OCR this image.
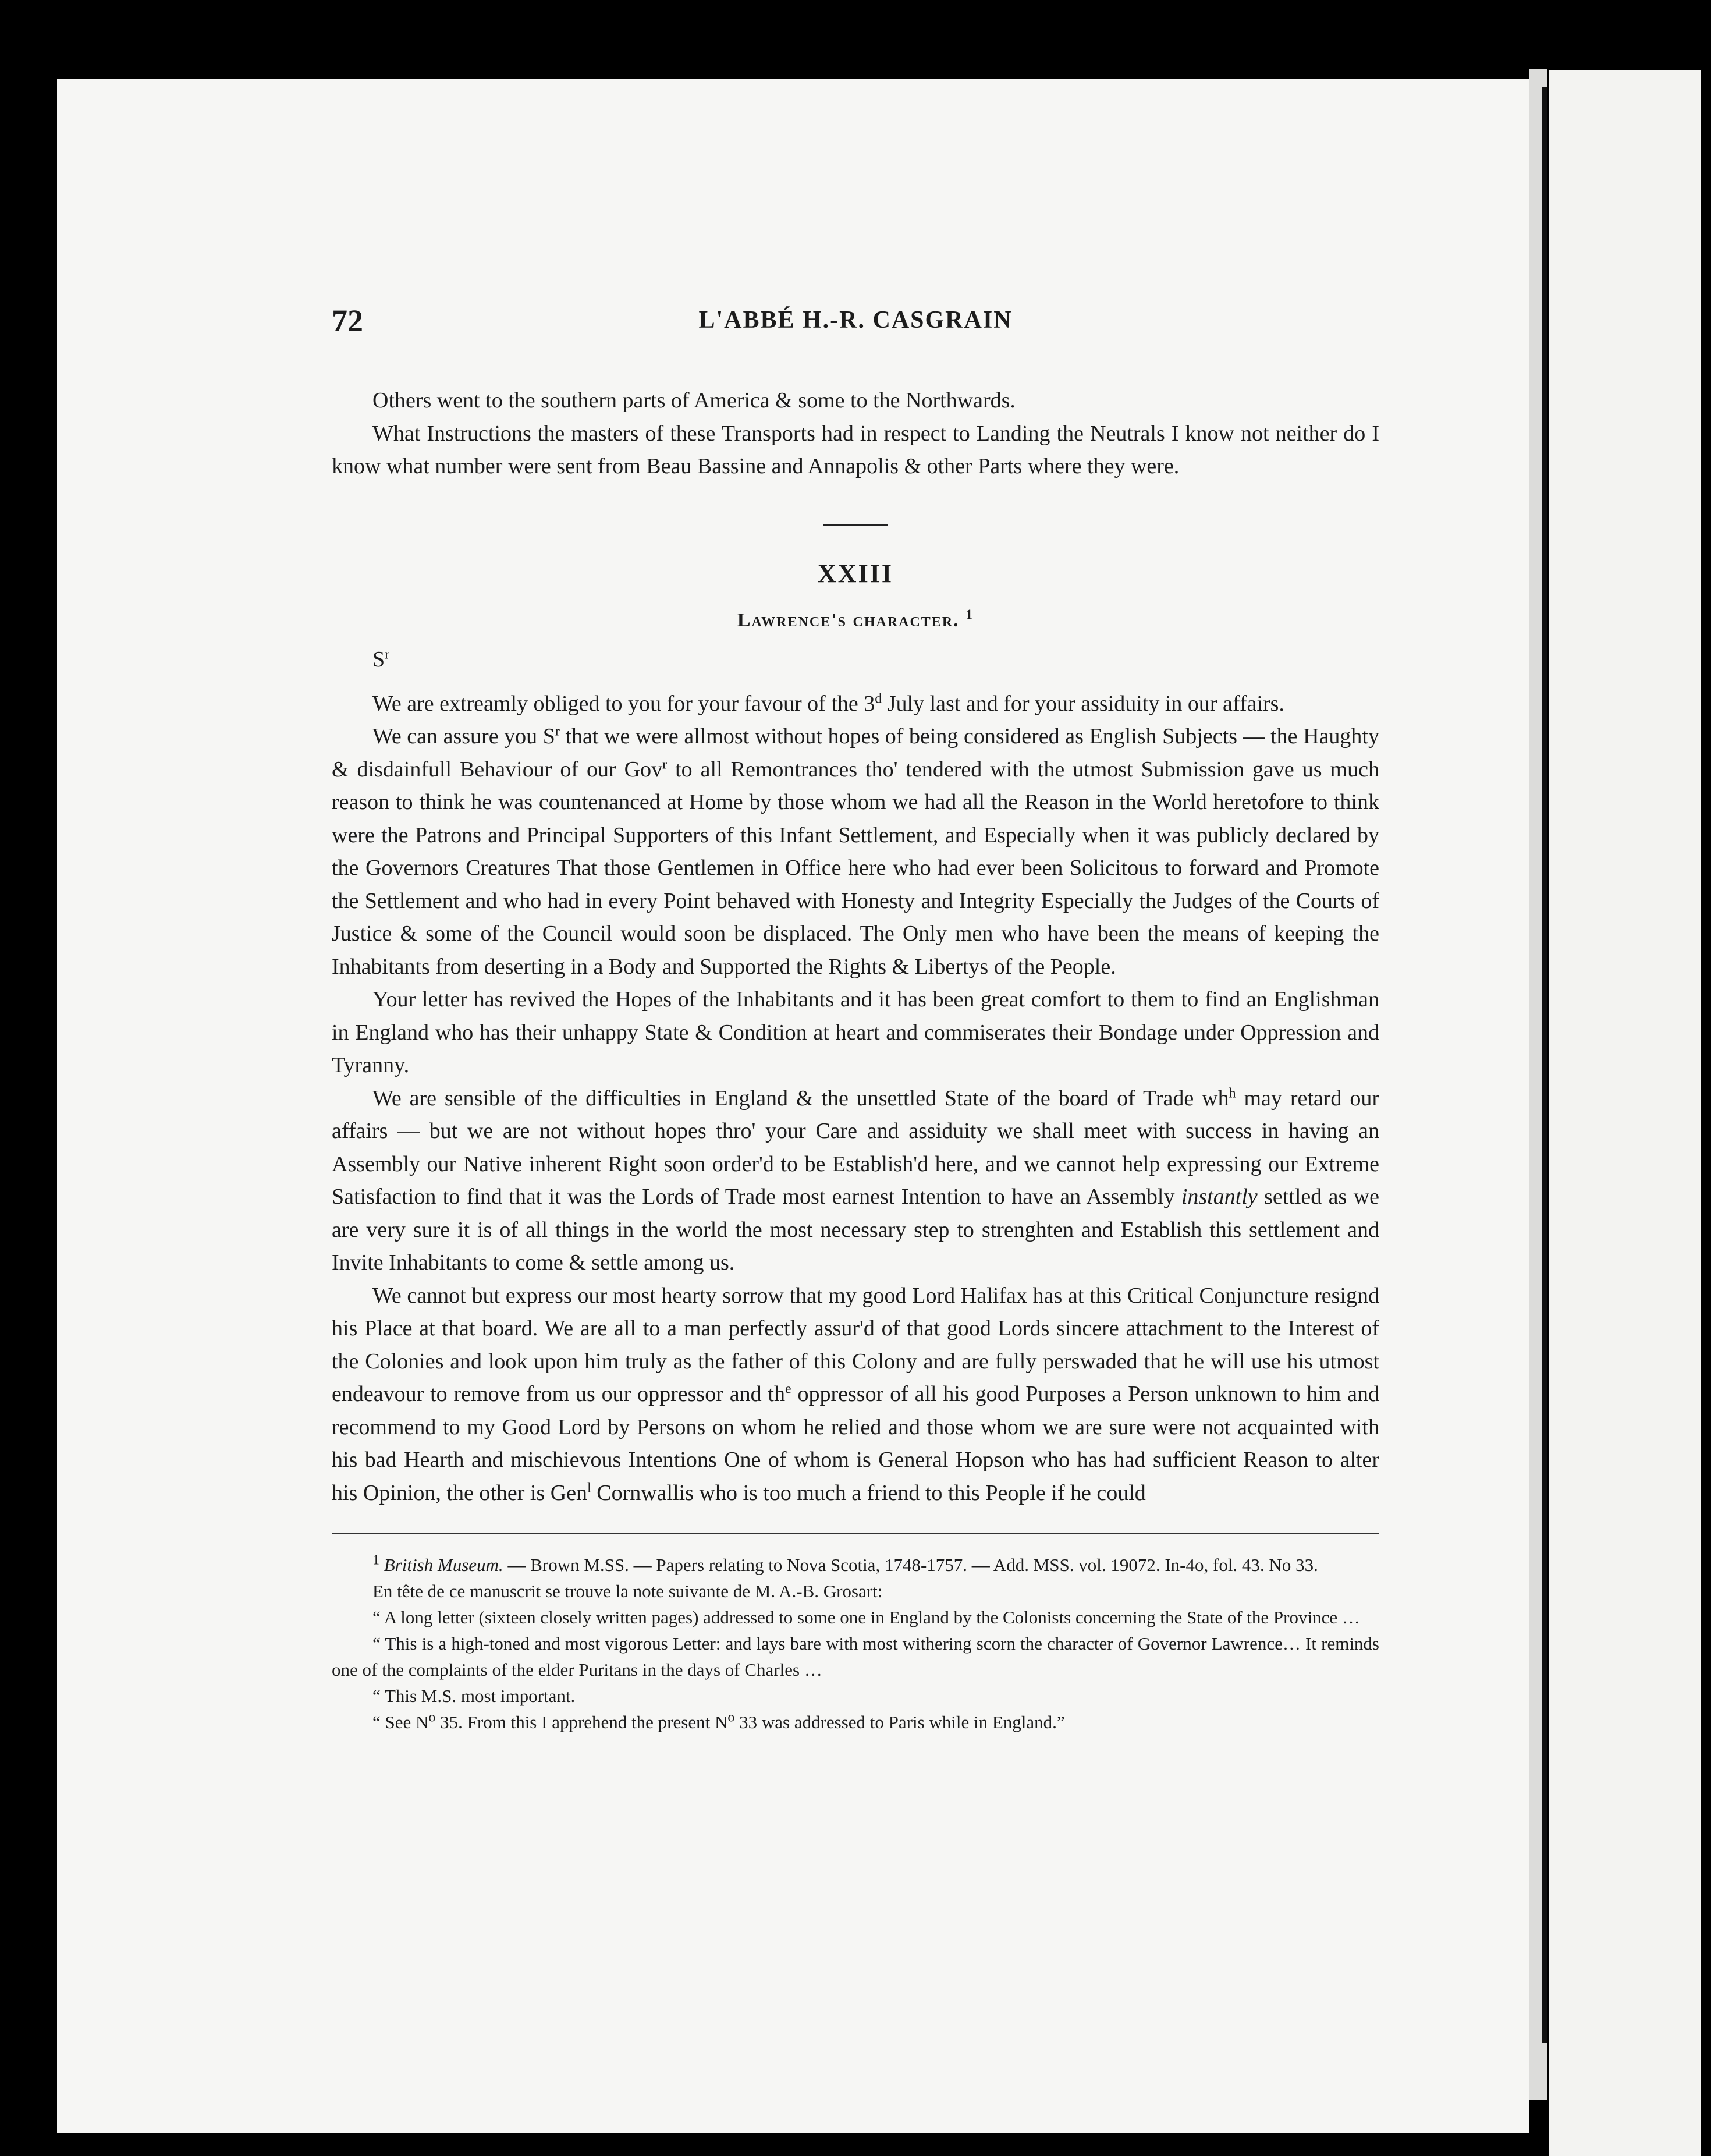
72	L'ABBÉ H.-R. CASGRAIN

Others went to the southern parts of America & some to the Northwards.

What Instructions the masters of these Transports had in respect to Landing the Neutrals I know not neither do I know what number were sent from Beau Bassine and Annapolis & other Parts where they were.

XXIII
Lawrence's character. $^1$
$S^r$

We are extreamly obliged to you for your favour of the 3$^d$ July last and for your assiduity in our affairs.

We can assure you $S^r$ that we were allmost without hopes of being considered as English Subjects — the Haughty & disdainfull Behaviour of our Gov$^r$ to all Remontrances tho' tendered with the utmost Submission gave us much reason to think he was countenanced at Home by those whom we had all the Reason in the World heretofore to think were the Patrons and Principal Supporters of this Infant Settlement, and Especially when it was publicly declared by the Governors Creatures That those Gentlemen in Office here who had ever been Solicitous to forward and Promote the Settlement and who had in every Point behaved with Honesty and Integrity Especially the Judges of the Courts of Justice & some of the Council would soon be displaced. The Only men who have been the means of keeping the Inhabitants from deserting in a Body and Supported the Rights & Libertys of the People.

Your letter has revived the Hopes of the Inhabitants and it has been great comfort to them to find an Englishman in England who has their unhappy State & Condition at heart and commiserates their Bondage under Oppression and Tyranny.

We are sensible of the difficulties in England & the unsettled State of the board of Trade $wh^h$ may retard our affairs — but we are not without hopes thro' your Care and assiduity we shall meet with success in having an Assembly our Native inherent Right soon order'd to be Establish'd here, and we cannot help expressing our Extreme Satisfaction to find that it was the Lords of Trade most earnest Intention to have an Assembly instantly settled as we are very sure it is of all things in the world the most necessary step to strenghten and Establish this settlement and Invite Inhabitants to come & settle among us.

We cannot but express our most hearty sorrow that my good Lord Halifax has at this Critical Conjuncture resignd his Place at that board. We are all to a man perfectly assur'd of that good Lords sincere attachment to the Interest of the Colonies and look upon him truly as the father of this Colony and are fully perswaded that he will use his utmost endeavour to remove from us our oppressor and $th^e$ oppressor of all his good Purposes a Person unknown to him and recommend to my Good Lord by Persons on whom he relied and those whom we are sure were not acquainted with his bad Hearth and mischievous Intentions One of whom is General Hopson who has had sufficient Reason to alter his Opinion, the other is Gen$^l$ Cornwallis who is too much a friend to this People if he could

$^1$ British Museum. — Brown M.SS. — Papers relating to Nova Scotia, 1748-1757. — Add. MSS. vol. 19072. In-4o, fol. 43. No 33.

En tête de ce manuscrit se trouve la note suivante de M. A.-B. Grosart:

“ A long letter (sixteen closely written pages) addressed to some one in England by the Colonists concerning the State of the Province …

“ This is a high-toned and most vigorous Letter: and lays bare with most withering scorn the character of Governor Lawrence… It reminds one of the complaints of the elder Puritans in the days of Charles …

“ This M.S. most important.

“ See $N^o$ 35. From this I apprehend the present $N^o$ 33 was addressed to Paris while in England.”
